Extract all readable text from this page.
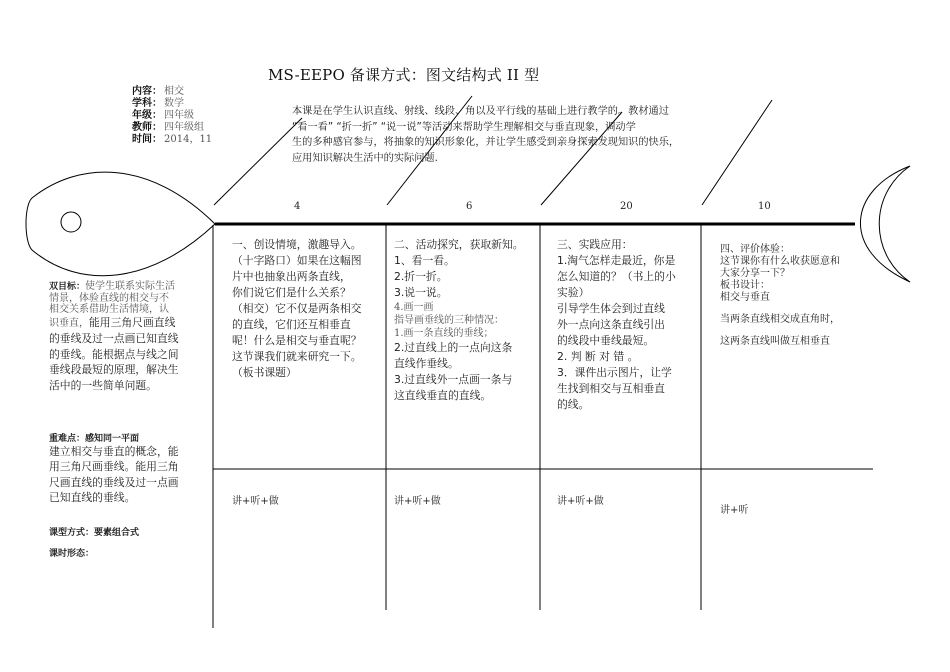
MS-EEPO 备课方式：图文结构式 II 型
内容： 相交
学科： 数学
年级： 四年级
教师： 四年级组
时间： 2014，11
本课是在学生认识直线、射线、线段、角以及平行线的基础上进行教学的。教材通过
“看一看” “折一折” “说一说”等活动来帮助学生理解相交与垂直现象，调动学
生的多种感官参与，将抽象的知识形象化，并让学生感受到亲身探索发现知识的快乐，
应用知识解决生活中的实际问题.
4	6	20	10
一、创设情境，激趣导入。
（十字路口）如果在这幅图
片中也抽象出两条直线，
你们说它们是什么关系？
（相交）它不仅是两条相交
的直线，它们还互相垂直
呢！什么是相交与垂直呢？
这节课我们就来研究一下。
（板书课题）
二、活动探究，获取新知。
1、看一看。
2.折一折。
3.说一说。
4.画一画
指导画垂线的三种情况：
1.画一条直线的垂线；
2.过直线上的一点向这条
直线作垂线。
3.过直线外一点画一条与
这直线垂直的直线。
三、实践应用：
1.淘气怎样走最近，你是
怎么知道的？（书上的小
实验）
引导学生体会到过直线
外一点向这条直线引出
的线段中垂线最短。
2. 判 断 对 错 。
3．课件出示图片，让学
生找到相交与互相垂直
的线。
四、评价体验：
这节课你有什么收获愿意和
大家分享一下？
板书设计：
相交与垂直
当两条直线相交成直角时，
这两条直线叫做互相垂直
讲+听+做	讲+听+做	讲+听+做
讲+听
双目标：使学生联系实际生活
情景，体验直线的相交与不
相交关系借助生活情境，认
识垂直，能用三角尺画直线
的垂线及过一点画已知直线
的垂线。能根据点与线之间
垂线段最短的原理，解决生
活中的一些简单问题。
重难点：感知同一平面
建立相交与垂直的概念，能
用三角尺画垂线。能用三角
尺画直线的垂线及过一点画
已知直线的垂线。
课型方式：要素组合式
课时形态：
